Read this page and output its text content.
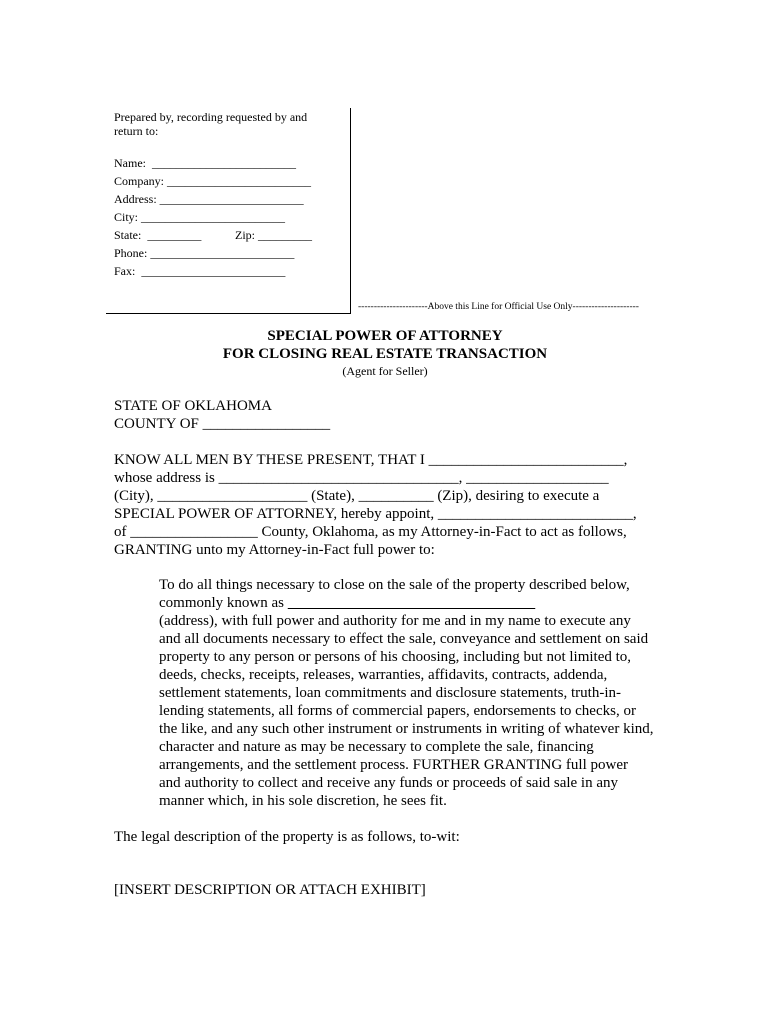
Prepared by, recording requested by and
return to:
Name:  ________________________
Company: ________________________
Address: ________________________
City: ________________________
State:  _________	Zip: _________
Phone: ________________________
Fax:  ________________________
----------------------Above this Line for Official Use Only---------------------
SPECIAL POWER OF ATTORNEY
FOR CLOSING REAL ESTATE TRANSACTION
(Agent for Seller)
STATE OF OKLAHOMA
COUNTY OF _________________
KNOW ALL MEN BY THESE PRESENT, THAT I __________________________,
whose address is ________________________________, ___________________
(City), ____________________ (State), __________ (Zip), desiring to execute a
SPECIAL POWER OF ATTORNEY, hereby appoint, __________________________,
of _________________ County, Oklahoma, as my Attorney-in-Fact to act as follows,
GRANTING unto my Attorney-in-Fact full power to:
To do all things necessary to close on the sale of the property described below,
commonly known as
(address), with full power and authority for me and in my name to execute any
and all documents necessary to effect the sale, conveyance and settlement on said
property to any person or persons of his choosing, including but not limited to,
deeds, checks, receipts, releases, warranties, affidavits, contracts, addenda,
settlement statements, loan commitments and disclosure statements, truth-in-
lending statements, all forms of commercial papers, endorsements to checks, or
the like, and any such other instrument or instruments in writing of whatever kind,
character and nature as may be necessary to complete the sale, financing
arrangements, and the settlement process. FURTHER GRANTING full power
and authority to collect and receive any funds or proceeds of said sale in any
manner which, in his sole discretion, he sees fit.
The legal description of the property is as follows, to-wit:
[INSERT DESCRIPTION OR ATTACH EXHIBIT]
